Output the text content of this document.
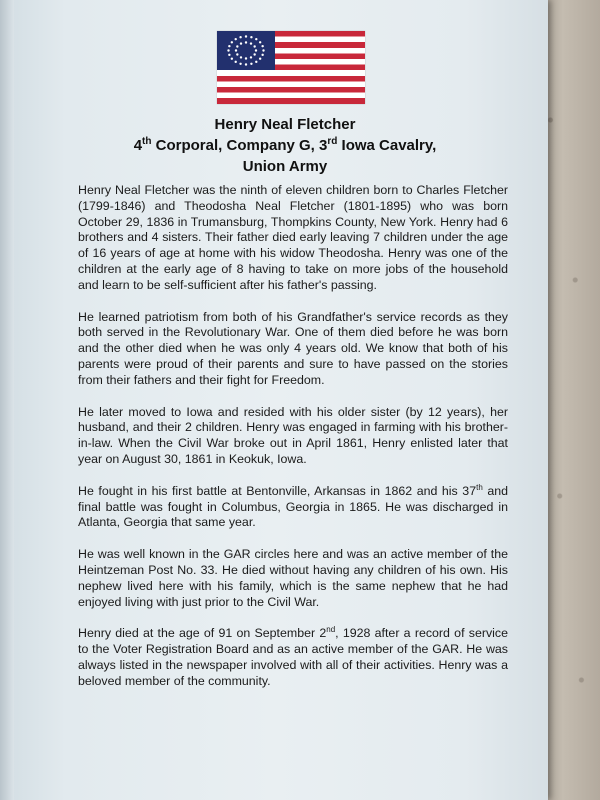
Henry Neal Fletcher
4th Corporal, Company G, 3rd Iowa Cavalry,
Union Army

Henry Neal Fletcher was the ninth of eleven children born to Charles Fletcher (1799-1846) and Theodosha Neal Fletcher (1801-1895) who was born October 29, 1836 in Trumansburg, Thompkins County, New York. Henry had 6 brothers and 4 sisters. Their father died early leaving 7 children under the age of 16 years of age at home with his widow Theodosha. Henry was one of the children at the early age of 8 having to take on more jobs of the household and learn to be self-sufficient after his father's passing.

He learned patriotism from both of his Grandfather's service records as they both served in the Revolutionary War. One of them died before he was born and the other died when he was only 4 years old. We know that both of his parents were proud of their parents and sure to have passed on the stories from their fathers and their fight for Freedom.

He later moved to Iowa and resided with his older sister (by 12 years), her husband, and their 2 children. Henry was engaged in farming with his brother-in-law. When the Civil War broke out in April 1861, Henry enlisted later that year on August 30, 1861 in Keokuk, Iowa.

He fought in his first battle at Bentonville, Arkansas in 1862 and his 37th and final battle was fought in Columbus, Georgia in 1865. He was discharged in Atlanta, Georgia that same year.

He was well known in the GAR circles here and was an active member of the Heintzeman Post No. 33. He died without having any children of his own. His nephew lived here with his family, which is the same nephew that he had enjoyed living with just prior to the Civil War.

Henry died at the age of 91 on September 2nd, 1928 after a record of service to the Voter Registration Board and as an active member of the GAR. He was always listed in the newspaper involved with all of their activities. Henry was a beloved member of the community.
